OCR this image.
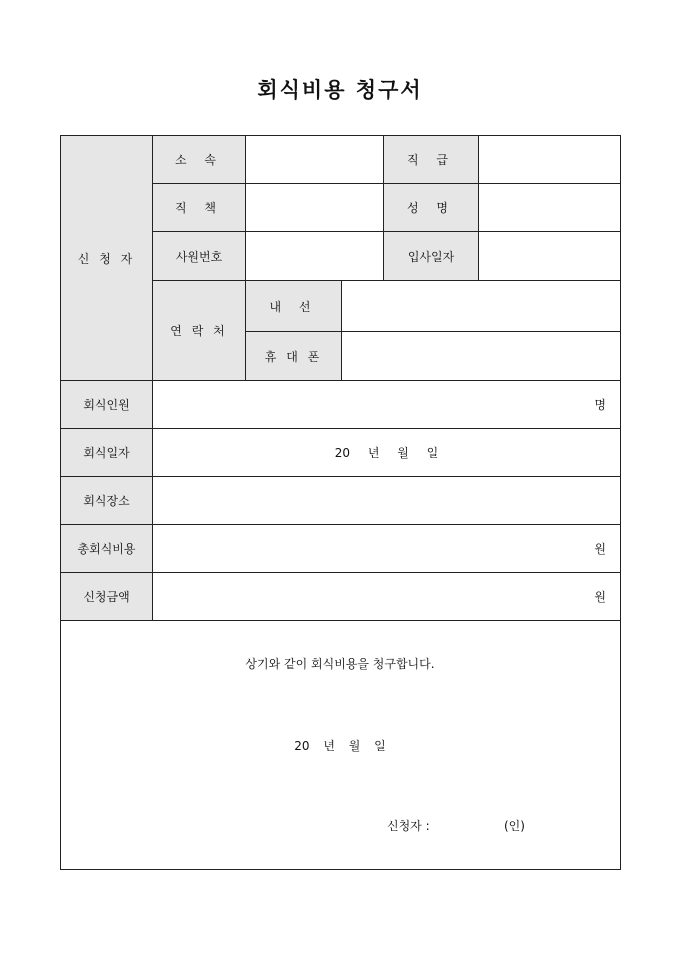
회식비용 청구서
신 청 자	소 속			직 급	
	직 책			성 명	
	사원번호			입사일자	
	연 락 처	내 선			
		휴 대 폰			
회식인원	명				

회식일자	20 년 월 일				
회식장소					
총회식비용	원				

신청금액	원				

상기와 같이 회식비용을 청구합니다.
20 년 월 일
신청자 : (인)					
